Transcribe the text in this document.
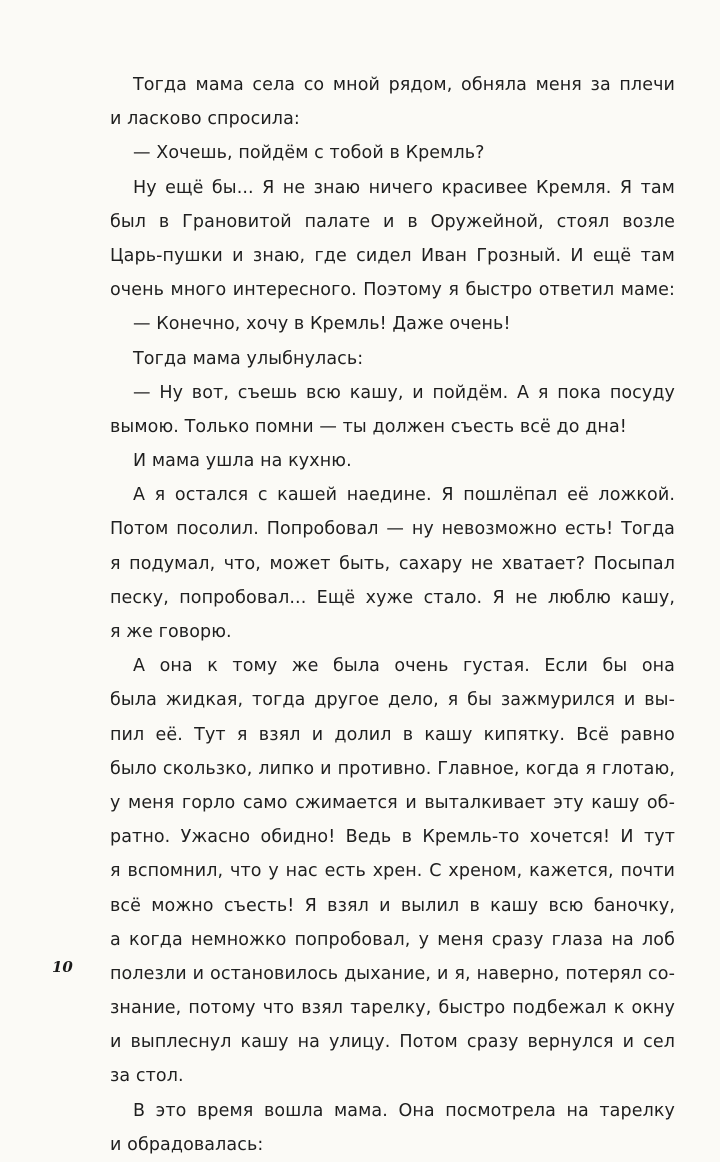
Тогда мама села со мной рядом, обняла меня за плечи
и ласково спросила:
— Хочешь, пойдём с тобой в Кремль?
Ну ещё бы... Я не знаю ничего красивее Кремля. Я там
был в Грановитой палате и в Оружейной, стоял возле
Царь-пушки и знаю, где сидел Иван Грозный. И ещё там
очень много интересного. Поэтому я быстро ответил маме:
— Конечно, хочу в Кремль! Даже очень!
Тогда мама улыбнулась:
— Ну вот, съешь всю кашу, и пойдём. А я пока посуду
вымою. Только помни — ты должен съесть всё до дна!
И мама ушла на кухню.
А я остался с кашей наедине. Я пошлёпал её ложкой.
Потом посолил. Попробовал — ну невозможно есть! Тогда
я подумал, что, может быть, сахару не хватает? Посыпал
песку, попробовал... Ещё хуже стало. Я не люблю кашу,
я же говорю.
А она к тому же была очень густая. Если бы она
была жидкая, тогда другое дело, я бы зажмурился и вы-
пил её. Тут я взял и долил в кашу кипятку. Всё равно
было скользко, липко и противно. Главное, когда я глотаю,
у меня горло само сжимается и выталкивает эту кашу об-
ратно. Ужасно обидно! Ведь в Кремль-то хочется! И тут
я вспомнил, что у нас есть хрен. С хреном, кажется, почти
всё можно съесть! Я взял и вылил в кашу всю баночку,
а когда немножко попробовал, у меня сразу глаза на лоб
полезли и остановилось дыхание, и я, наверно, потерял со-
знание, потому что взял тарелку, быстро подбежал к окну
и выплеснул кашу на улицу. Потом сразу вернулся и сел
за стол.
В это время вошла мама. Она посмотрела на тарелку
и обрадовалась:
10
